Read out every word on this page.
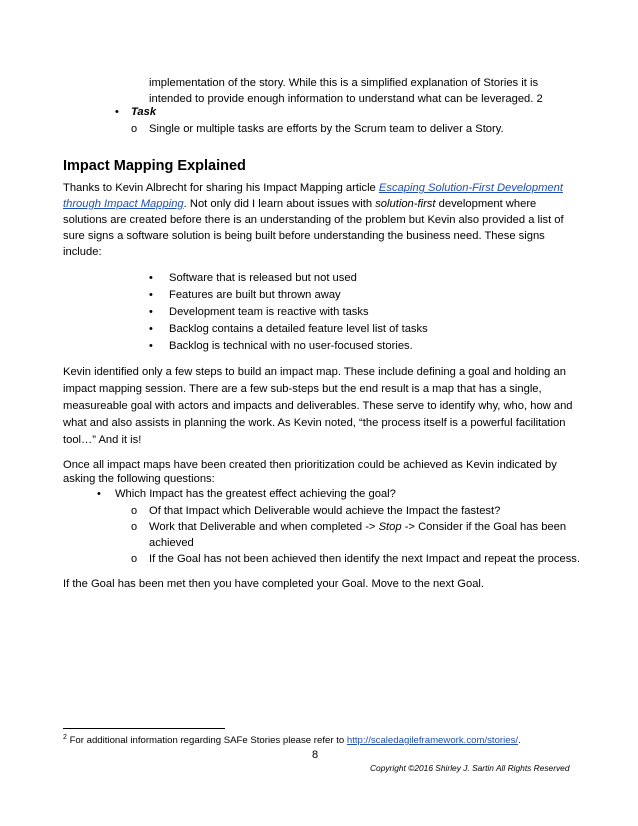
implementation of the story. While this is a simplified explanation of Stories it is
intended to provide enough information to understand what can be leveraged. 2
• Task
o Single or multiple tasks are efforts by the Scrum team to deliver a Story.
Impact Mapping Explained
Thanks to Kevin Albrecht for sharing his Impact Mapping article Escaping Solution-First Development
through Impact Mapping. Not only did I learn about issues with solution-first development where
solutions are created before there is an understanding of the problem but Kevin also provided a list of
sure signs a software solution is being built before understanding the business need. These signs
include:
• Software that is released but not used
• Features are built but thrown away
• Development team is reactive with tasks
• Backlog contains a detailed feature level list of tasks
• Backlog is technical with no user-focused stories.
Kevin identified only a few steps to build an impact map. These include defining a goal and holding an
impact mapping session. There are a few sub-steps but the end result is a map that has a single,
measureable goal with actors and impacts and deliverables. These serve to identify why, who, how and
what and also assists in planning the work. As Kevin noted, “the process itself is a powerful facilitation
tool…” And it is!
Once all impact maps have been created then prioritization could be achieved as Kevin indicated by
asking the following questions:
• Which Impact has the greatest effect achieving the goal?
o Of that Impact which Deliverable would achieve the Impact the fastest?
o Work that Deliverable and when completed -> Stop -> Consider if the Goal has been
achieved
o If the Goal has not been achieved then identify the next Impact and repeat the process.
If the Goal has been met then you have completed your Goal. Move to the next Goal.
$^2$ For additional information regarding SAFe Stories please refer to http://scaledagileframework.com/stories/.
8
Copyright ©2016 Shirley J. Sartin All Rights Reserved
